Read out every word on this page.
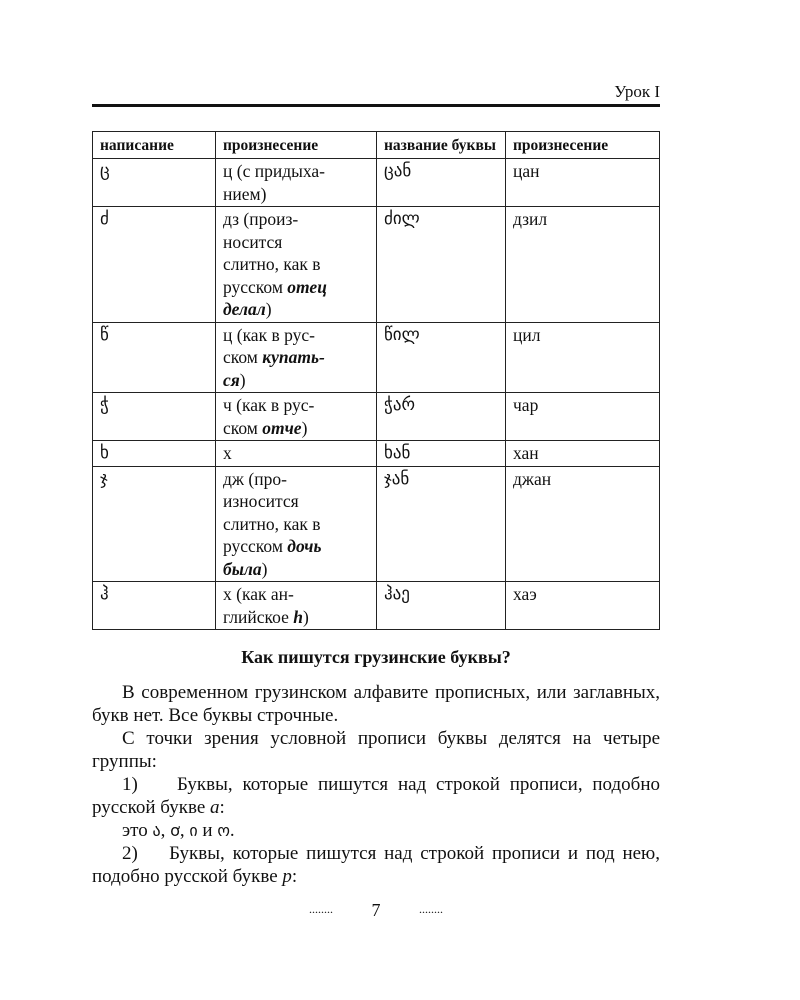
Урок I
написание	произнесение	название буквы	произнесение
ც	ц (с придыха-
нием)	ცან	цан
ძ	дз (произ-
носится
слитно, как в
русском отец
делал)	ძილ	дзил
წ	ц (как в рус-
ском купать-
ся)	წილ	цил
ჭ	ч (как в рус-
ском отче)	ჭარ	чар
ხ	х	ხან	хан
ჯ	дж (про-
износится
слитно, как в
русском дочь
была)	ჯან	джан
ჰ	х (как ан-
глийское h)	ჰაე	хаэ
Как пишутся грузинские буквы?

В современном грузинском алфавите прописных, или заглавных, букв нет. Все буквы строчные.

С точки зрения условной прописи буквы делятся на четыре группы:

1)    Буквы, которые пишутся над строкой прописи, подобно русской букве а:

это ა, ơ, ი и ო.

2)    Буквы, которые пишутся над строкой прописи и под нею, подобно русской букве р:

........ 7	........
